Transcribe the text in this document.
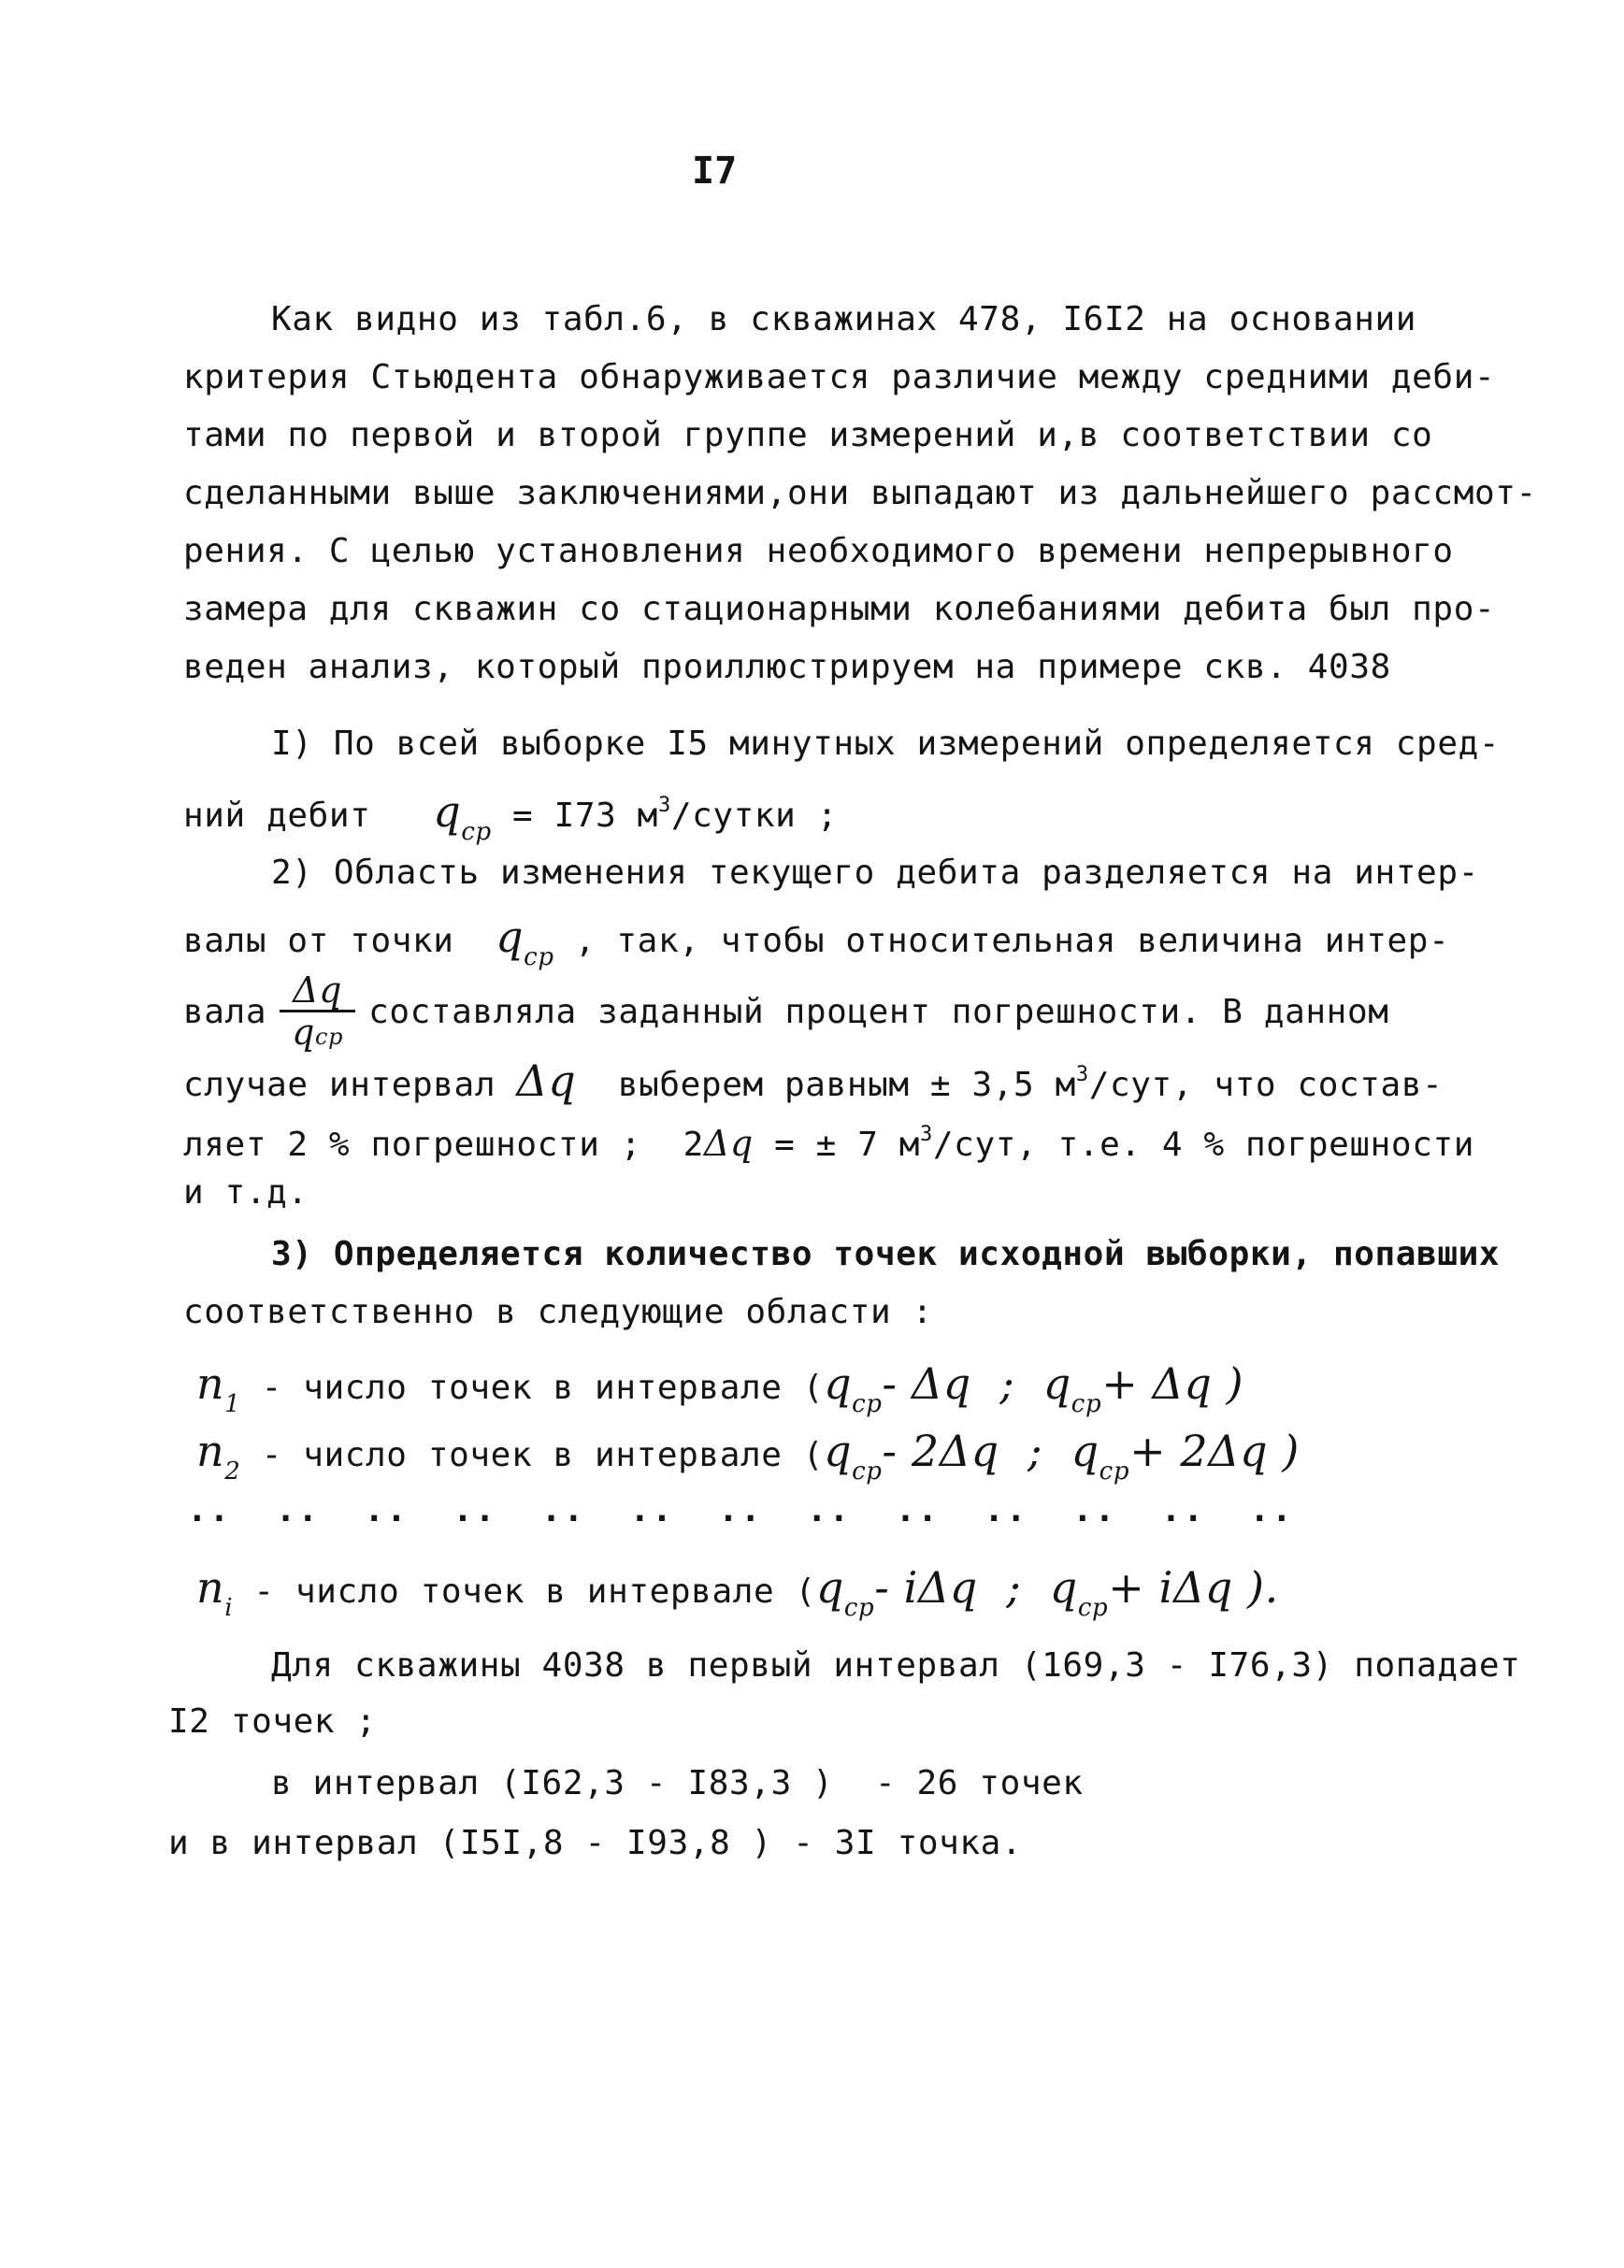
I7
Как видно из табл.6, в скважинах 478, I6I2 на основании
критерия Стьюдента обнаруживается различие между средними деби-
тами по первой и второй группе измерений и,в соответствии со
сделанными выше заключениями,они выпадают из дальнейшего рассмот-
рения. С целью установления необходимого времени непрерывного
замера для скважин со стационарными колебаниями дебита был про-
веден анализ, который проиллюстрируем на примере скв. 4038
I) По всей выборке I5 минутных измерений определяется сред-
ний дебит $q_{ср} = I73$ $м^3$/сутки ;
2) Область изменения текущего дебита разделяется на интер-
валы от точки $q_{ср}$ , так, чтобы относительная величина интер-
вала $\frac{\Delta q}{\text{qср}}$ составляла заданный процент погрешности. В данном
случае интервал Δq выберем равным ± 3,5 $м^3$/сут, что состав-
ляет 2 % погрешности ;  2Δq = ± 7 $м^3$/сут, т.е. 4 % погрешности
и т.д.
3) Определяется количество точек исходной выборки, попавших
соответственно в следующие области :
$n_1$ - число точек в интервале ($q_{ср}-$ Δq  ;  $q_{ср}+ \Delta q$ )
$n_2$ - число точек в интервале ($q_{ср}-$ 2Δq  ;  $q_{ср}+ 2\Delta q$ )
..  ..  ..  ..  ..  ..  ..  ..  ..  ..  ..  ..  ..
$n_i$ - число точек в интервале ($q_{ср}-$ iΔq  ;  $q_{ср}+ i\Delta q$ ).
Для скважины 4038 в первый интервал (169,3 - I76,3) попадает
I2 точек ;
в интервал (I62,3 - I83,3 )  - 26 точек
и в интервал (I5I,8 - I93,8 ) - 3I точка.
